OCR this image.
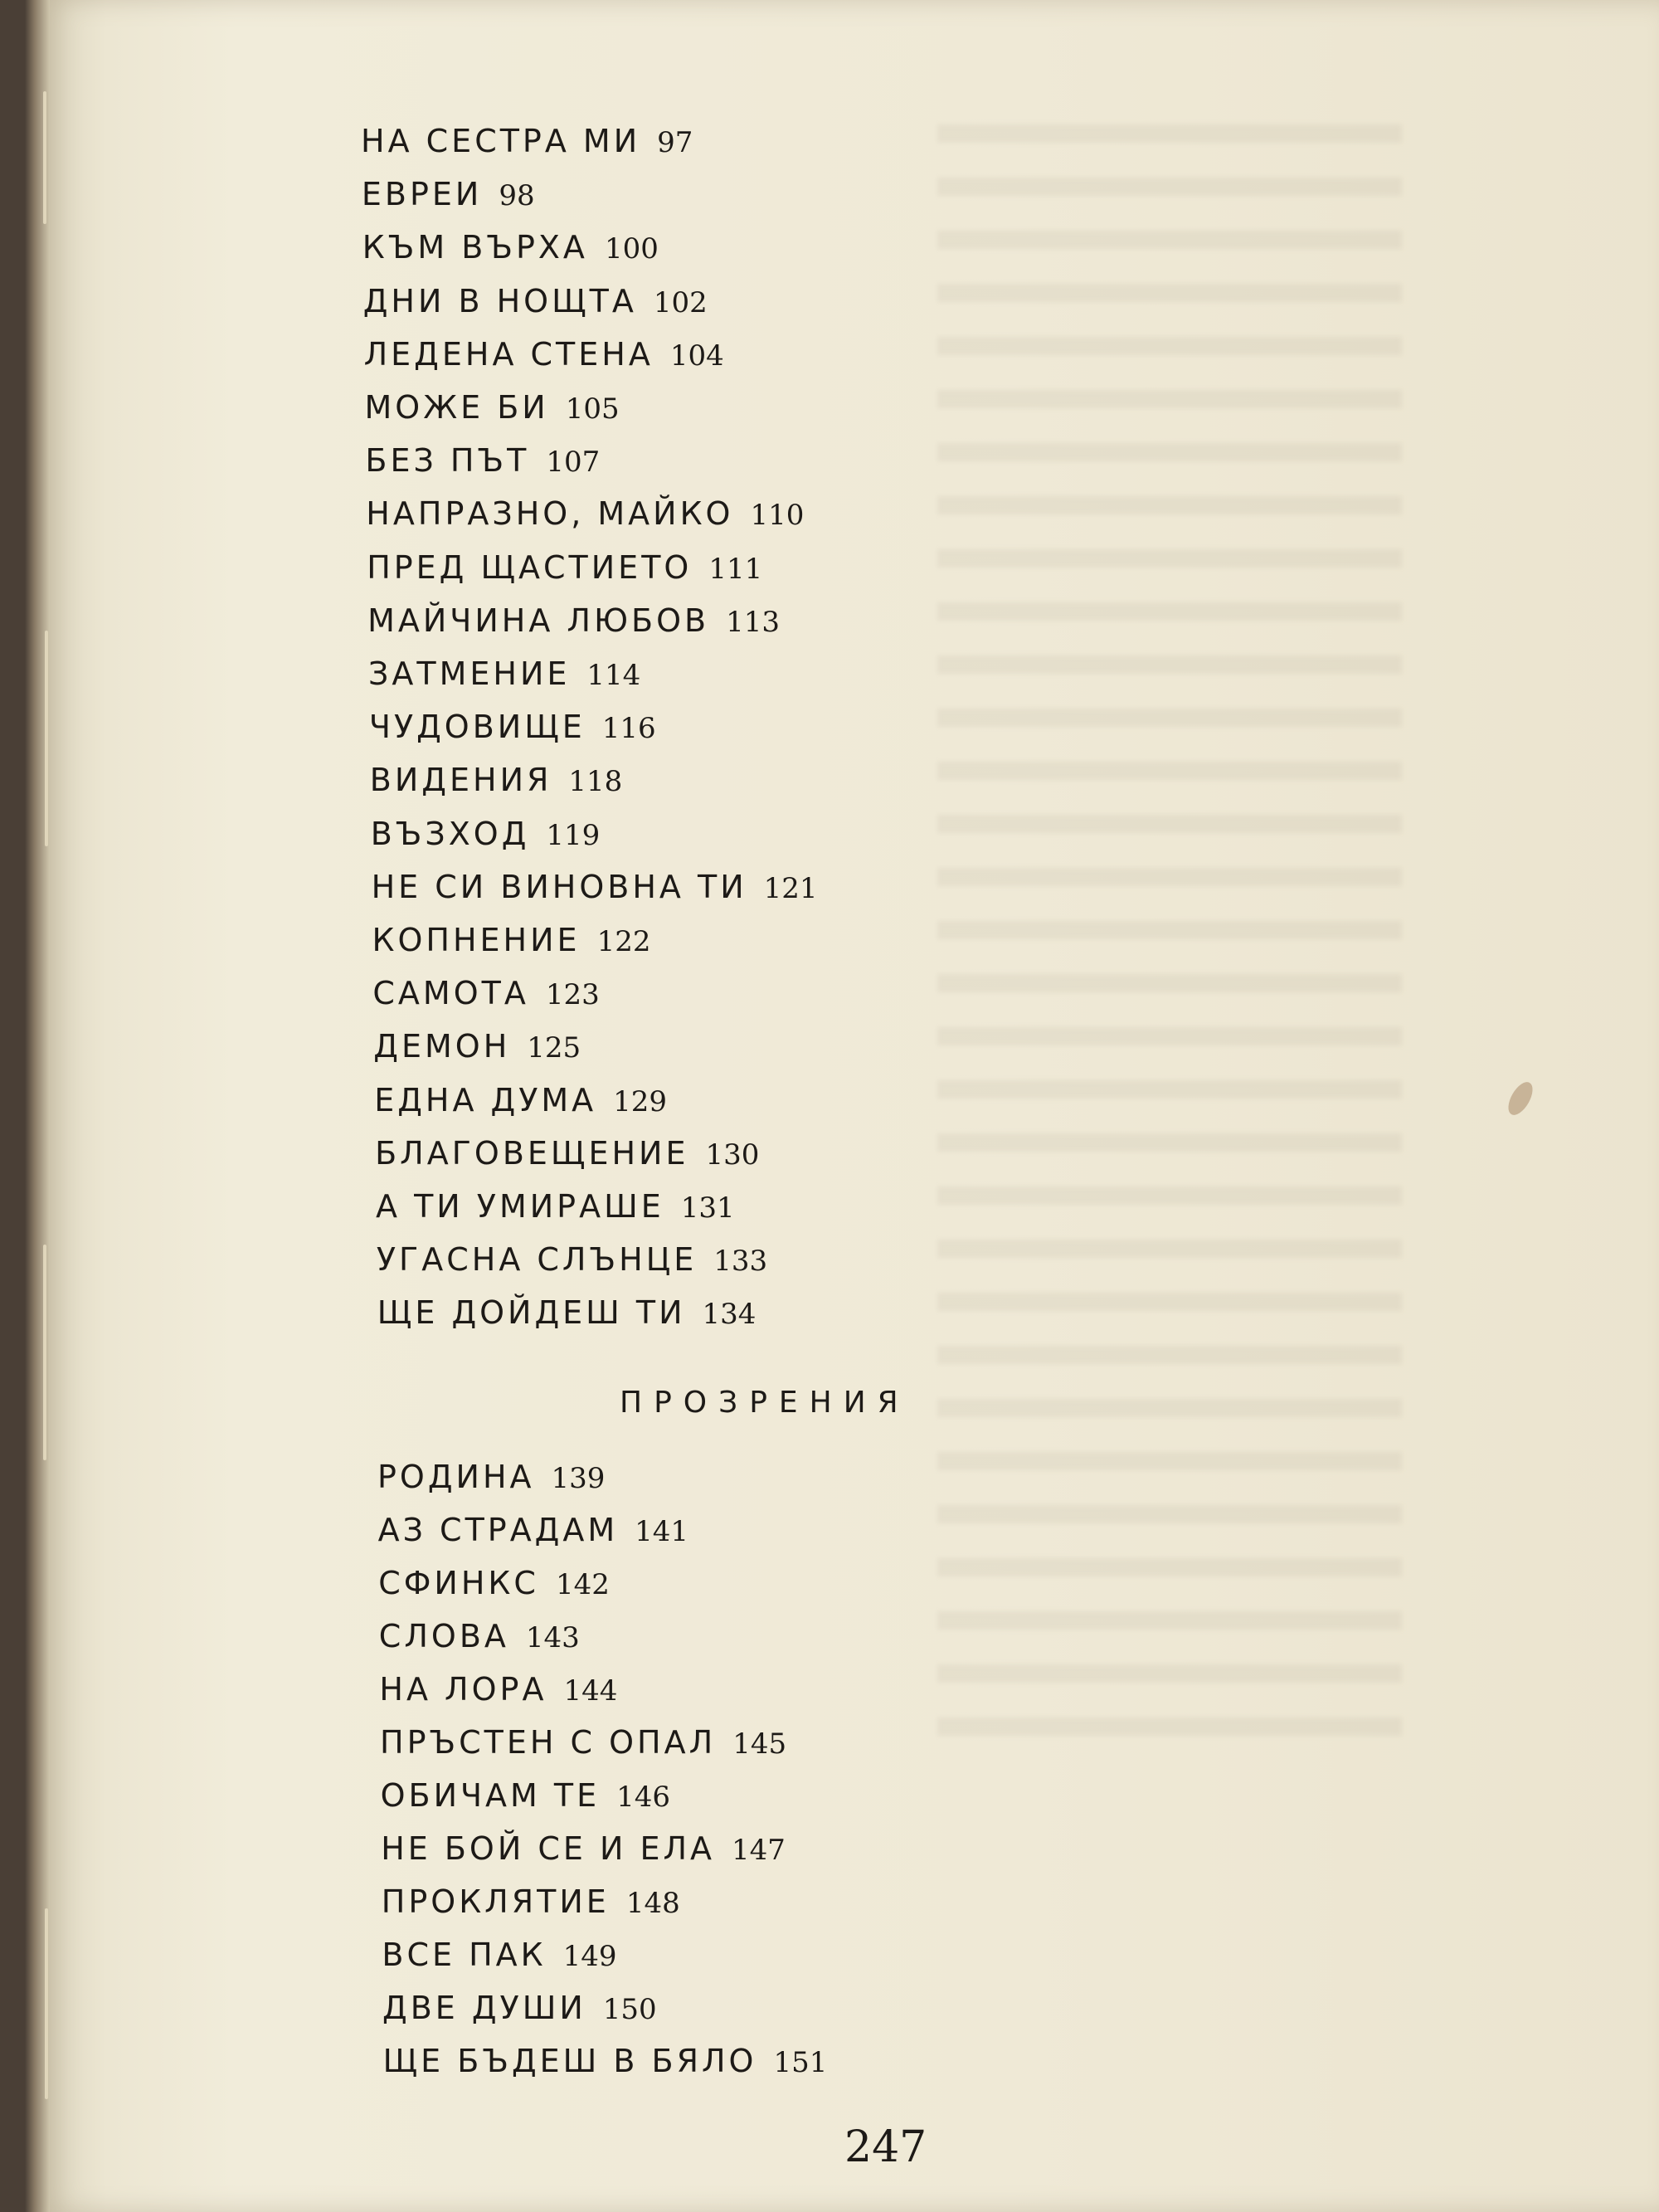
НА СЕСТРА МИ 97
ЕВРЕИ 98
КЪМ ВЪРХА 100
ДНИ В НОЩТА 102
ЛЕДЕНА СТЕНА 104
МОЖЕ БИ 105
БЕЗ ПЪТ 107
НАПРАЗНО, МАЙКО 110
ПРЕД ЩАСТИЕТО 111
МАЙЧИНА ЛЮБОВ 113
ЗАТМЕНИЕ 114
ЧУДОВИЩЕ 116
ВИДЕНИЯ 118
ВЪЗХОД 119
НЕ СИ ВИНОВНА ТИ 121
КОПНЕНИЕ 122
САМОТА 123
ДЕМОН 125
ЕДНА ДУМА 129
БЛАГОВЕЩЕНИЕ 130
А ТИ УМИРАШЕ 131
УГАСНА СЛЪНЦЕ 133
ЩЕ ДОЙДЕШ ТИ 134
ПРОЗРЕНИЯ
РОДИНА 139
АЗ СТРАДАМ 141
СФИНКС 142
СЛОВА 143
НА ЛОРА 144
ПРЪСТЕН С ОПАЛ 145
ОБИЧАМ ТЕ 146
НЕ БОЙ СЕ И ЕЛА 147
ПРОКЛЯТИЕ 148
ВСЕ ПАК 149
ДВЕ ДУШИ 150
ЩЕ БЪДЕШ В БЯЛО 151
247
